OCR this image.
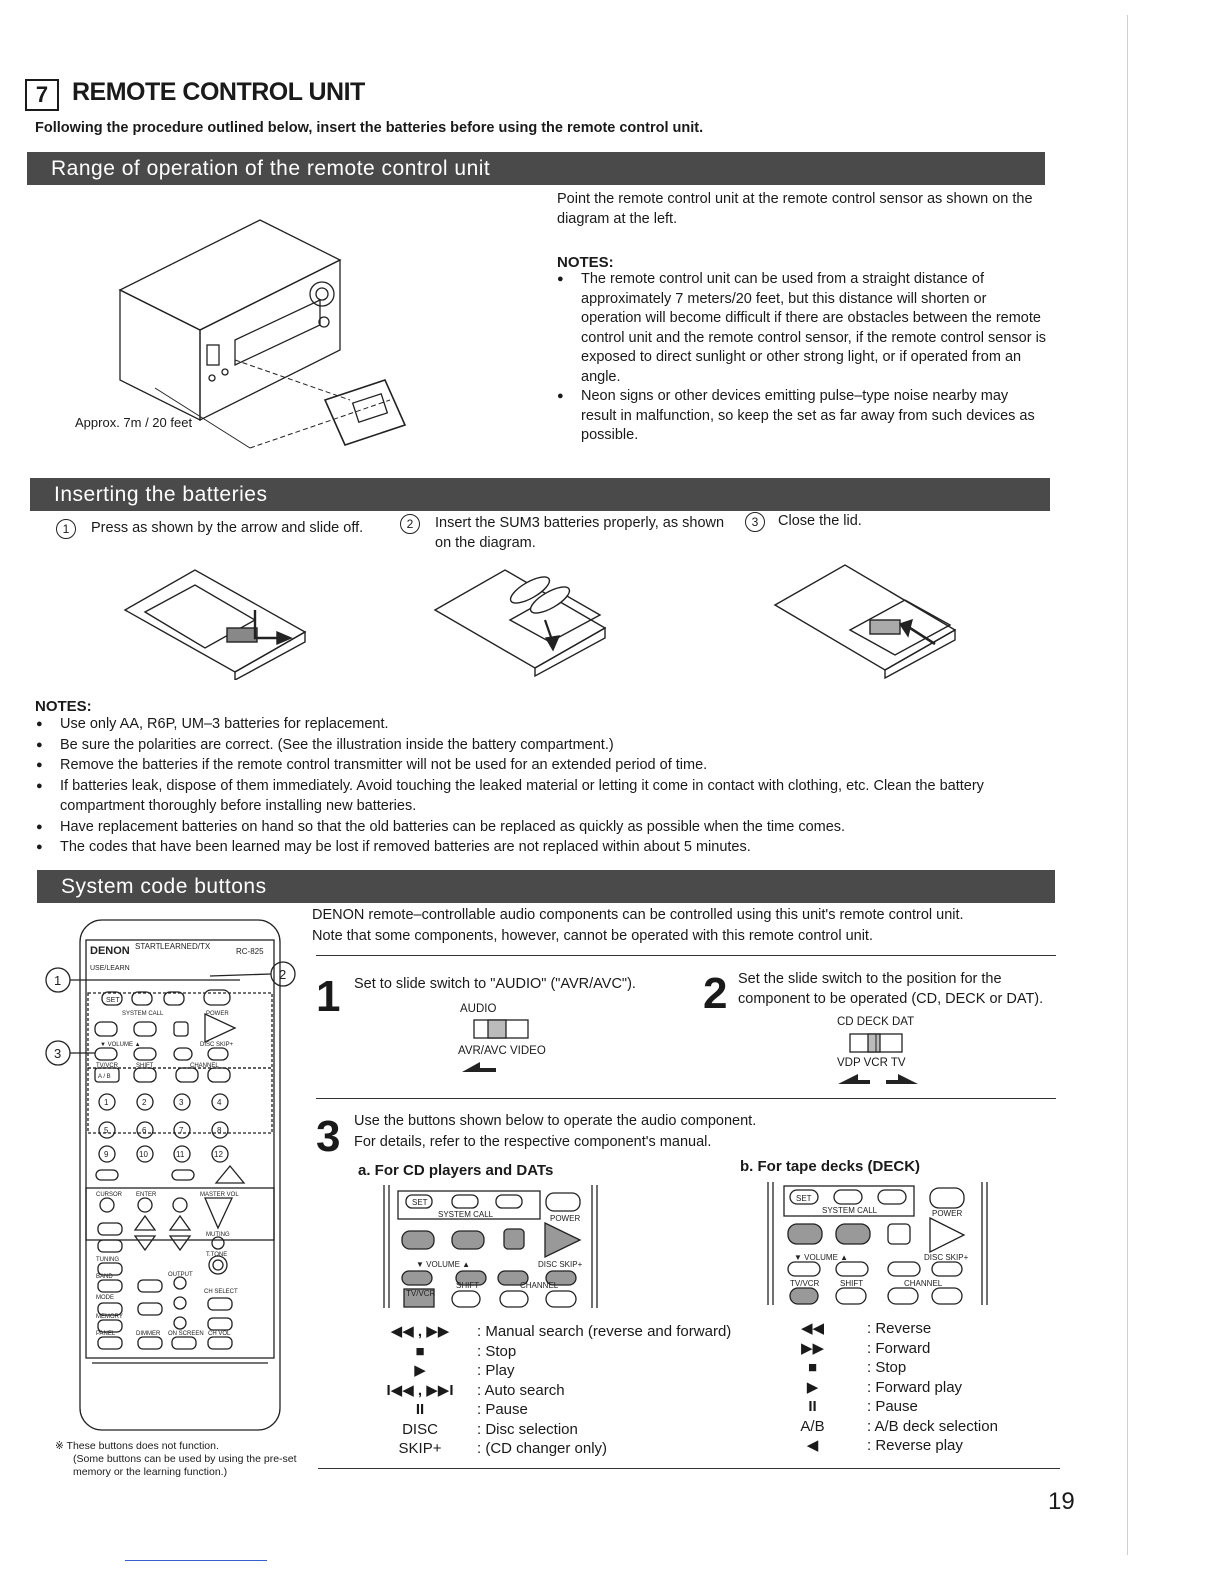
7 REMOTE CONTROL UNIT
Following the procedure outlined below, insert the batteries before using the remote control unit.
Range of operation of the remote control unit
Approx. 7m / 20 feet
Point the remote control unit at the remote control sensor as shown on the diagram at the left.
NOTES:
● The remote control unit can be used from a straight distance of approximately 7 meters/20 feet, but this distance will shorten or operation will become difficult if there are obstacles between the remote control unit and the remote control sensor, if the remote control sensor is exposed to direct sunlight or other strong light, or if operated from an angle.
● Neon signs or other devices emitting pulse–type noise nearby may result in malfunction, so keep the set as far away from such devices as possible.
Inserting the batteries
1 Press as shown by the arrow and slide off.	2 Insert the SUM3 batteries properly, as shown on the diagram.
3 Close the lid.
NOTES:
● Use only AA, R6P, UM–3 batteries for replacement.
● Be sure the polarities are correct. (See the illustration inside the battery compartment.)
● Remove the batteries if the remote control transmitter will not be used for an extended period of time.
● If batteries leak, dispose of them immediately. Avoid touching the leaked material or letting it come in contact with clothing, etc. Clean the battery compartment thoroughly before installing new batteries.
● Have replacement batteries on hand so that the old batteries can be replaced as quickly as possible when the time comes.
● The codes that have been learned may be lost if removed batteries are not replaced within about 5 minutes.
System code buttons
DENON START LEARNED/TX
RC-825
USE/LEARN
SET
SYSTEM CALL	POWER
▼ VOLUME ▲	DISC SKIP+
TV/VCR	SHIFT	CHANNEL
A / B
1	2	3	4
5	6	7	8
9	10	11	12
CURSOR ENTER	MASTER VOL
TUNING
MUTING
T.TONE
OUTPUT
CH SELECT
BAND
MODE
MEMORY
PANEL	DIMMER ON SCREEN CH VOL
1	2
3
※ These buttons does not function.
(Some buttons can be used by using the pre-set memory or the learning function.)
DENON remote–controllable audio components can be controlled using this unit's remote control unit.
Note that some components, however, cannot be operated with this remote control unit.
1 Set to slide switch to "AUDIO" ("AVR/AVC").
AUDIO
AVR/AVC VIDEO
2 Set the slide switch to the position for the component to be operated (CD, DECK or DAT).
CD DECK DAT
VDP VCR TV
3 Use the buttons shown below to operate the audio component.
For details, refer to the respective component's manual.
a. For CD players and DATs	b. For tape decks (DECK)
SET
SYSTEM CALL	POWER
▼ VOLUME ▲	DISC SKIP+
TV/VCR
SHIFT	CHANNEL
SET
SYSTEM CALL	POWER
▼ VOLUME ▲	DISC SKIP+
TV/VCR	SHIFT	CHANNEL
◀◀ , ▶▶ : Manual search (reverse and forward)
■	: Stop
▶	: Play
I◀◀ , ▶▶I : Auto search
II	: Pause
DISC	: Disc selection
SKIP+ : (CD changer only)
◀◀	: Reverse
▶▶	: Forward
■	: Stop
▶	: Forward play
II	: Pause
A/B	: A/B deck selection
◀	: Reverse play
19
